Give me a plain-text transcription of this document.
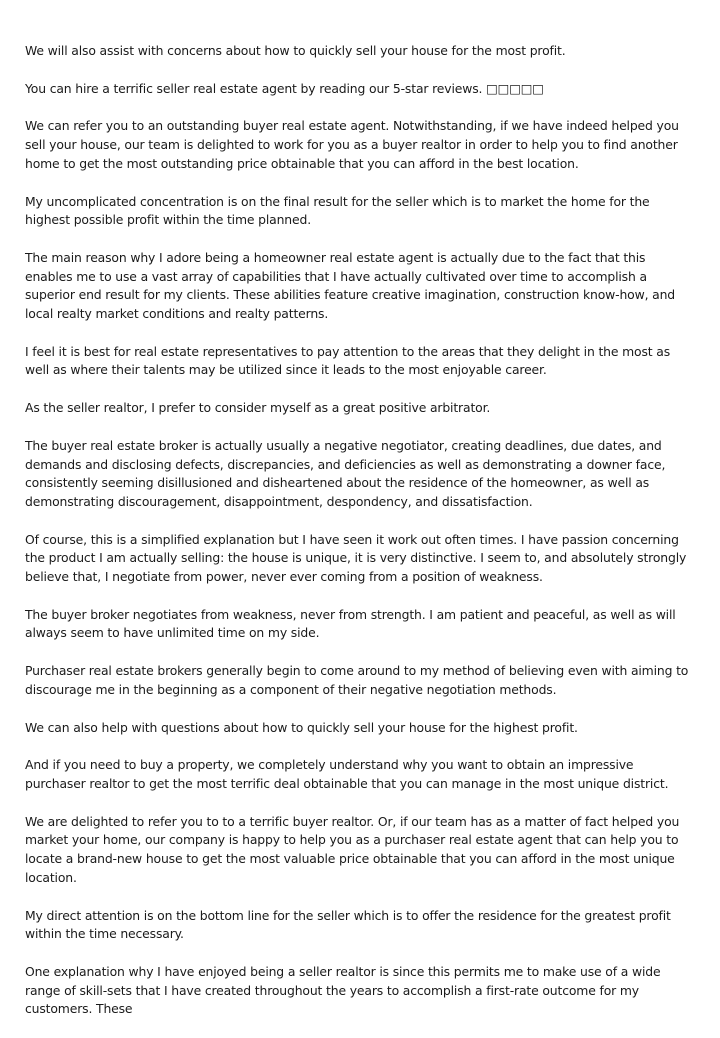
We will also assist with concerns about how to quickly sell your house for the most profit.

You can hire a terrific seller real estate agent by reading our 5-star reviews. □□□□□

We can refer you to an outstanding buyer real estate agent. Notwithstanding, if we have indeed helped you sell your house, our team is delighted to work for you as a buyer realtor in order to help you to find another home to get the most outstanding price obtainable that you can afford in the best location.

My uncomplicated concentration is on the final result for the seller which is to market the home for the highest possible profit within the time planned.

The main reason why I adore being a homeowner real estate agent is actually due to the fact that this enables me to use a vast array of capabilities that I have actually cultivated over time to accomplish a superior end result for my clients. These abilities feature creative imagination, construction know-how, and local realty market conditions and realty patterns.

I feel it is best for real estate representatives to pay attention to the areas that they delight in the most as well as where their talents may be utilized since it leads to the most enjoyable career.

As the seller realtor, I prefer to consider myself as a great positive arbitrator.

The buyer real estate broker is actually usually a negative negotiator, creating deadlines, due dates, and demands and disclosing defects, discrepancies, and deficiencies as well as demonstrating a downer face, consistently seeming disillusioned and disheartened about the residence of the homeowner, as well as demonstrating discouragement, disappointment, despondency, and dissatisfaction.

Of course, this is a simplified explanation but I have seen it work out often times. I have passion concerning the product I am actually selling: the house is unique, it is very distinctive. I seem to, and absolutely strongly believe that, I negotiate from power, never ever coming from a position of weakness.

The buyer broker negotiates from weakness, never from strength. I am patient and peaceful, as well as will always seem to have unlimited time on my side.

Purchaser real estate brokers generally begin to come around to my method of believing even with aiming to discourage me in the beginning as a component of their negative negotiation methods.

We can also help with questions about how to quickly sell your house for the highest profit.

And if you need to buy a property, we completely understand why you want to obtain an impressive purchaser realtor to get the most terrific deal obtainable that you can manage in the most unique district.

We are delighted to refer you to to a terrific buyer realtor. Or, if our team has as a matter of fact helped you market your home, our company is happy to help you as a purchaser real estate agent that can help you to locate a brand-new house to get the most valuable price obtainable that you can afford in the most unique location.

My direct attention is on the bottom line for the seller which is to offer the residence for the greatest profit within the time necessary.

One explanation why I have enjoyed being a seller realtor is since this permits me to make use of a wide range of skill-sets that I have created throughout the years to accomplish a first-rate outcome for my customers. These
